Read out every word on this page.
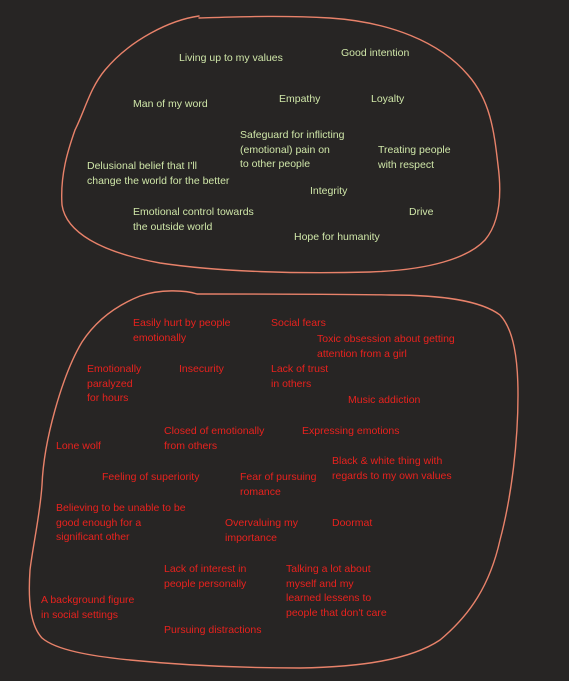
Living up to my values	Good intention

Man of my word	Empathy	Loyalty

Safeguard for inflicting
(emotional) pain on
to other people

Treating people
with respect

Delusional belief that I'll
change the world for the better

Integrity

Emotional control towards
the outside world

Drive

Hope for humanity

Easily hurt by people
emotionally

Social fears

Toxic obsession about getting
attention from a girl

Emotionally
paralyzed
for hours

Insecurity	Lack of trust
in others

Music addiction

Closed of emotionally
from others

Expressing emotions

Lone wolf

Feeling of superiority	Fear of pursuing
romance

Black & white thing with
regards to my own values

Believing to be unable to be
good enough for a
significant other

Overvaluing my
importance

Doormat

Lack of interest in
people personally

Talking a lot about
myself and my
learned lessens to
people that don't care

A background figure
in social settings

Pursuing distractions
